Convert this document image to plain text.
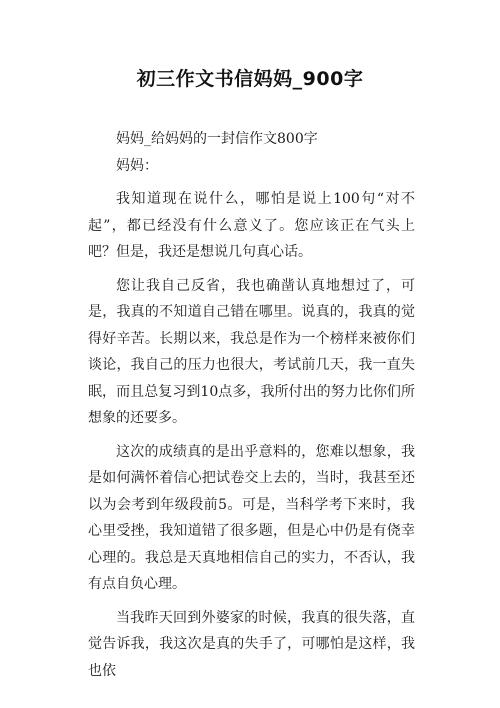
初三作文书信妈妈_900字

妈妈_给妈妈的一封信作文800字

妈妈：

我知道现在说什么，哪怕是说上100句“对不起”，都已经没有什么意义了。您应该正在气头上吧？但是，我还是想说几句真心话。

您让我自己反省，我也确凿认真地想过了，可是，我真的不知道自己错在哪里。说真的，我真的觉得好辛苦。长期以来，我总是作为一个榜样来被你们谈论，我自己的压力也很大，考试前几天，我一直失眠，而且总复习到10点多，我所付出的努力比你们所想象的还要多。

这次的成绩真的是出乎意料的，您难以想象，我是如何满怀着信心把试卷交上去的，当时，我甚至还以为会考到年级段前5。可是，当科学考下来时，我心里受挫，我知道错了很多题，但是心中仍是有侥幸心理的。我总是天真地相信自己的实力，不否认，我有点自负心理。

当我昨天回到外婆家的时候，我真的很失落，直觉告诉我，我这次是真的失手了，可哪怕是这样，我也依
